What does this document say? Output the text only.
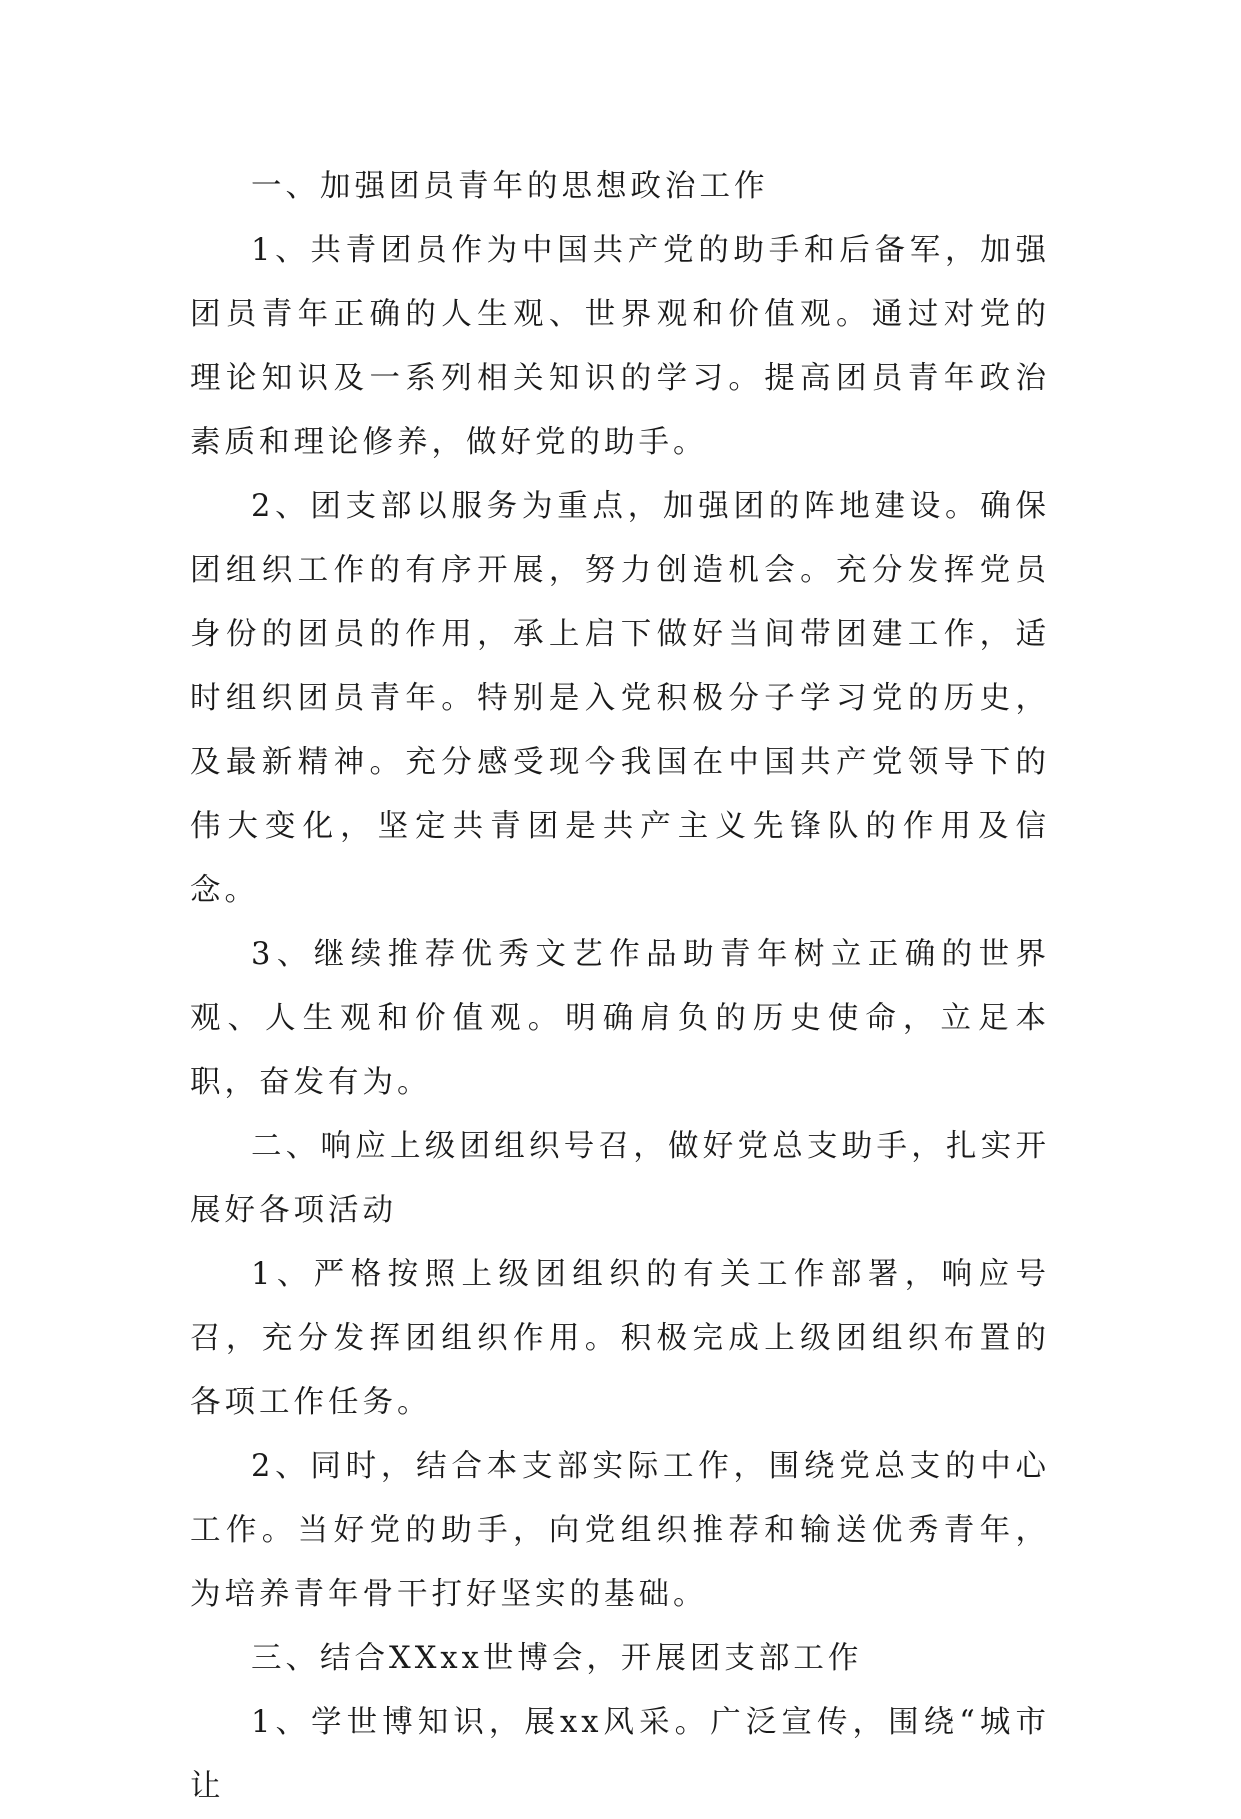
一、加强团员青年的思想政治工作

1、共青团员作为中国共产党的助手和后备军，加强团员青年正确的人生观、世界观和价值观。通过对党的理论知识及一系列相关知识的学习。提高团员青年政治素质和理论修养，做好党的助手。

2、团支部以服务为重点，加强团的阵地建设。确保团组织工作的有序开展，努力创造机会。充分发挥党员身份的团员的作用，承上启下做好当间带团建工作，适时组织团员青年。特别是入党积极分子学习党的历史，及最新精神。充分感受现今我国在中国共产党领导下的伟大变化，坚定共青团是共产主义先锋队的作用及信念。

3、继续推荐优秀文艺作品助青年树立正确的世界观、人生观和价值观。明确肩负的历史使命，立足本职，奋发有为。

二、响应上级团组织号召，做好党总支助手，扎实开展好各项活动

1、严格按照上级团组织的有关工作部署，响应号召，充分发挥团组织作用。积极完成上级团组织布置的各项工作任务。

2、同时，结合本支部实际工作，围绕党总支的中心工作。当好党的助手，向党组织推荐和输送优秀青年，为培养青年骨干打好坚实的基础。

三、结合XXxx世博会，开展团支部工作

1、学世博知识，展xx风采。广泛宣传，围绕“城市让
